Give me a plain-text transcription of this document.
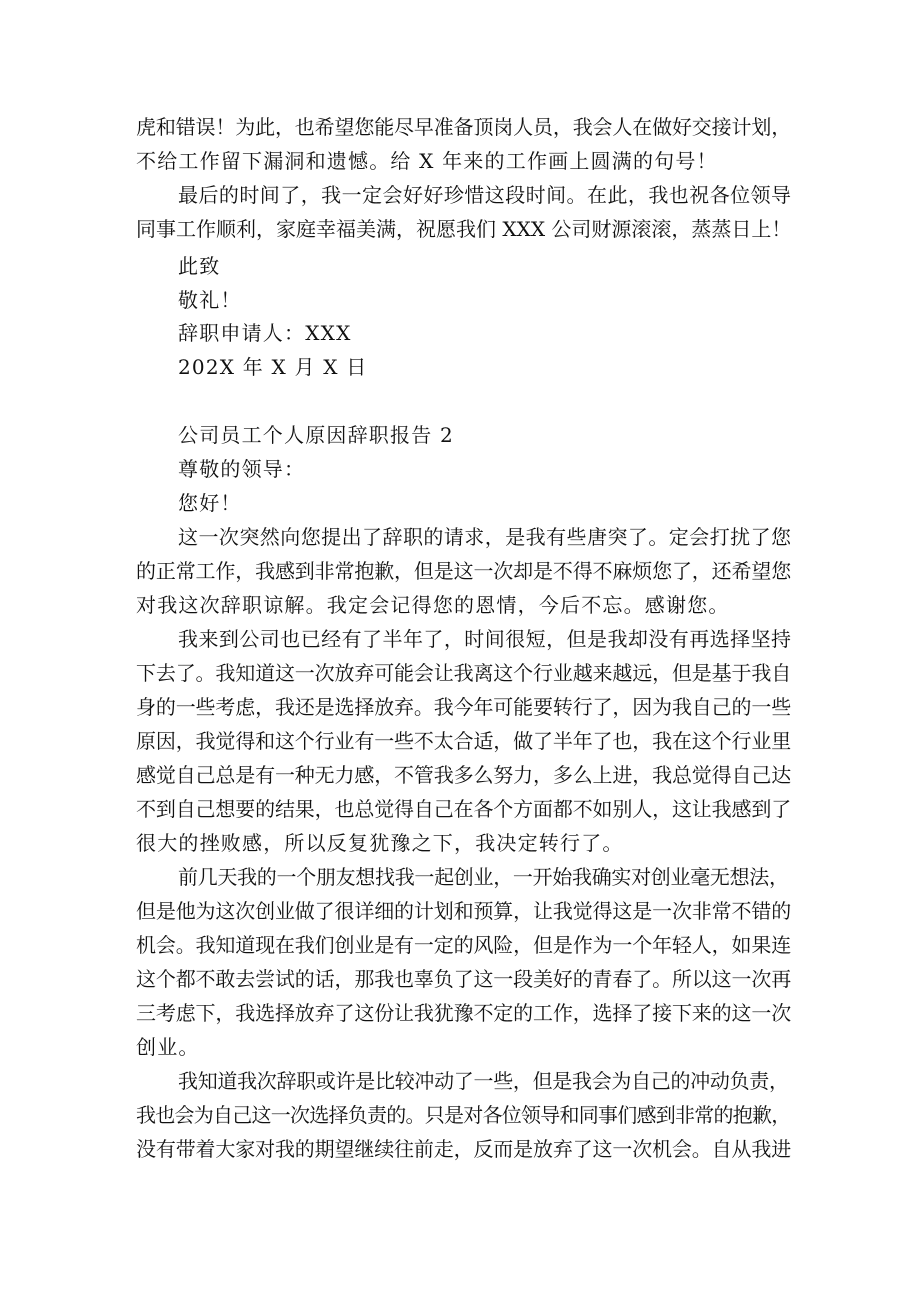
虎和错误！为此，也希望您能尽早准备顶岗人员，我会人在做好交接计划，
不给工作留下漏洞和遗憾。给 X 年来的工作画上圆满的句号！
最后的时间了，我一定会好好珍惜这段时间。在此，我也祝各位领导
同事工作顺利，家庭幸福美满，祝愿我们 XXX 公司财源滚滚，蒸蒸日上！
此致
敬礼！
辞职申请人：XXX
202X 年 X 月 X 日
公司员工个人原因辞职报告 2
尊敬的领导：
您好！
这一次突然向您提出了辞职的请求，是我有些唐突了。定会打扰了您
的正常工作，我感到非常抱歉，但是这一次却是不得不麻烦您了，还希望您
对我这次辞职谅解。我定会记得您的恩情，今后不忘。感谢您。
我来到公司也已经有了半年了，时间很短，但是我却没有再选择坚持
下去了。我知道这一次放弃可能会让我离这个行业越来越远，但是基于我自
身的一些考虑，我还是选择放弃。我今年可能要转行了，因为我自己的一些
原因，我觉得和这个行业有一些不太合适，做了半年了也，我在这个行业里
感觉自己总是有一种无力感，不管我多么努力，多么上进，我总觉得自己达
不到自己想要的结果，也总觉得自己在各个方面都不如别人，这让我感到了
很大的挫败感，所以反复犹豫之下，我决定转行了。
前几天我的一个朋友想找我一起创业，一开始我确实对创业毫无想法，
但是他为这次创业做了很详细的计划和预算，让我觉得这是一次非常不错的
机会。我知道现在我们创业是有一定的风险，但是作为一个年轻人，如果连
这个都不敢去尝试的话，那我也辜负了这一段美好的青春了。所以这一次再
三考虑下，我选择放弃了这份让我犹豫不定的工作，选择了接下来的这一次
创业。
我知道我次辞职或许是比较冲动了一些，但是我会为自己的冲动负责，
我也会为自己这一次选择负责的。只是对各位领导和同事们感到非常的抱歉，
没有带着大家对我的期望继续往前走，反而是放弃了这一次机会。自从我进
